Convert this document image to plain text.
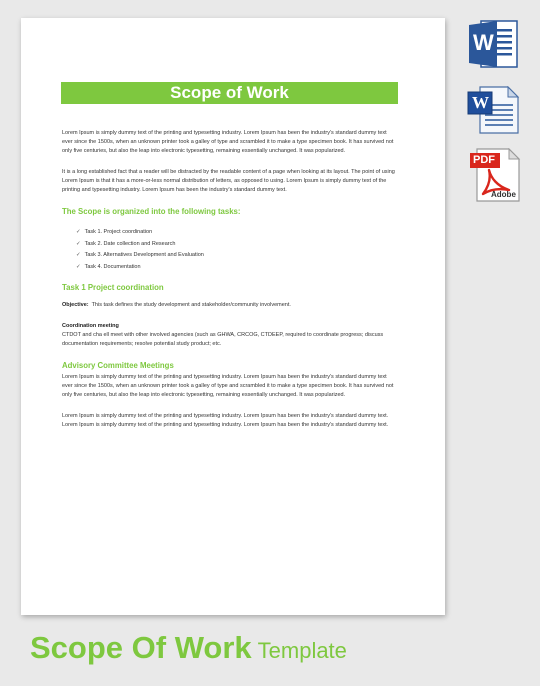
Scope of Work

Lorem Ipsum is simply dummy text of the printing and typesetting industry. Lorem Ipsum has been the industry's standard dummy text ever since the 1500s, when an unknown printer took a galley of type and scrambled it to make a type specimen book. It has survived not only five centuries, but also the leap into electronic typesetting, remaining essentially unchanged. It was popularized.

It is a long established fact that a reader will be distracted by the readable content of a page when looking at its layout. The point of using Lorem Ipsum is that it has a more-or-less normal distribution of letters, as opposed to using. Lorem Ipsum is simply dummy text of the printing and typesetting industry. Lorem Ipsum has been the industry's standard dummy text.

The Scope is organized into the following tasks:
✓ Task 1. Project coordination
✓ Task 2. Date collection and Research
✓ Task 3. Alternatives Development and Evaluation
✓ Task 4. Documentation
Task 1 Project coordination

Objective: This task defines the study development and stakeholder/community involvement.

Coordination meeting

CTDOT and cha ell meet with other involved agencies (such as GHWA, CRCOG, CTDEEP, required to coordinate progress; discuss documentation requirements; resolve potential study product; etc.

Advisory Committee Meetings

Lorem Ipsum is simply dummy text of the printing and typesetting industry. Lorem Ipsum has been the industry's standard dummy text ever since the 1500s, when an unknown printer took a galley of type and scrambled it to make a type specimen book. It has survived not only five centuries, but also the leap into electronic typesetting, remaining essentially unchanged. It was popularized.

Lorem Ipsum is simply dummy text of the printing and typesetting industry. Lorem Ipsum has been the industry's standard dummy text. Lorem Ipsum is simply dummy text of the printing and typesetting industry. Lorem Ipsum has been the industry's standard dummy text.

W
W
PDF
Adobe
Scope Of Work Template
